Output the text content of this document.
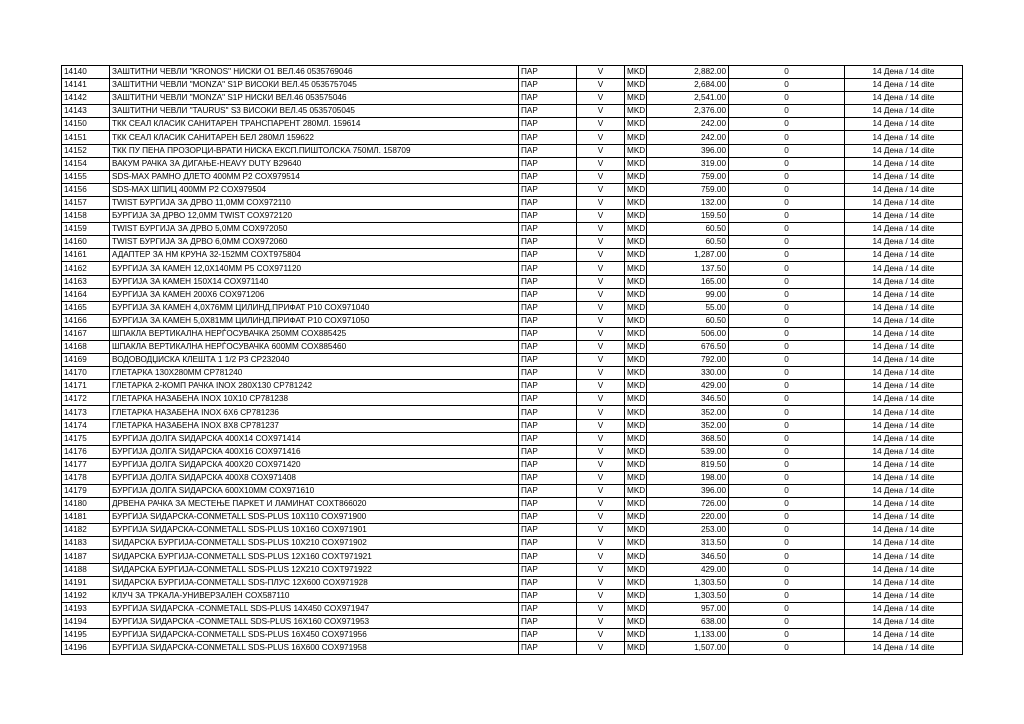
14140	ЗАШТИТНИ ЧЕВЛИ "KRONOS" НИСКИ О1 ВЕЛ.46 0535769046	ПАР	V	MKD	2,882.00	0	14 Дена / 14 dite
14141	ЗАШТИТНИ ЧЕВЛИ "MONZA" S1P ВИСОКИ ВЕЛ.45 0535757045	ПАР	V	MKD	2,684.00	0	14 Дена / 14 dite
14142	ЗАШТИТНИ ЧЕВЛИ "MONZA" S1P НИСКИ ВЕЛ.46 053575046	ПАР	V	MKD	2,541.00	0	14 Дена / 14 dite
14143	ЗАШТИТНИ ЧЕВЛИ "TAURUS" S3 ВИСОКИ ВЕЛ.45 0535705045	ПАР	V	MKD	2,376.00	0	14 Дена / 14 dite
14150	ТКК СЕАЛ КЛАСИК САНИТАРЕН ТРАНСПАРЕНТ 280МЛ. 159614	ПАР	V	MKD	242.00	0	14 Дена / 14 dite
14151	ТКК СЕАЛ КЛАСИК САНИТАРЕН БЕЛ 280МЛ 159622	ПАР	V	MKD	242.00	0	14 Дена / 14 dite
14152	ТКК ПУ ПЕНА ПРОЗОРЦИ-ВРАТИ НИСКА ЕКСП.ПИШТОЛСКА 750МЛ. 158709	ПАР	V	MKD	396.00	0	14 Дена / 14 dite
14154	ВАКУМ РАЧКА ЗА ДИГАЊЕ-HEAVY DUTY B29640	ПАР	V	MKD	319.00	0	14 Дена / 14 dite
14155	SDS-MAX РАМНО ДЛЕТО 400ММ Р2 COX979514	ПАР	V	MKD	759.00	0	14 Дена / 14 dite
14156	SDS-MAX ШПИЦ 400ММ Р2 COX979504	ПАР	V	MKD	759.00	0	14 Дена / 14 dite
14157	TWIST БУРГИЈА ЗА ДРВО 11,0ММ COX972110	ПАР	V	MKD	132.00	0	14 Дена / 14 dite
14158	БУРГИЈА ЗА ДРВО 12,0ММ TWIST COX972120	ПАР	V	MKD	159.50	0	14 Дена / 14 dite
14159	TWIST БУРГИЈА ЗА ДРВО 5,0ММ COX972050	ПАР	V	MKD	60.50	0	14 Дена / 14 dite
14160	TWIST БУРГИЈА ЗА ДРВО 6,0ММ COX972060	ПАР	V	MKD	60.50	0	14 Дена / 14 dite
14161	АДАПТЕР ЗА НМ КРУНА 32-152ММ COXT975804	ПАР	V	MKD	1,287.00	0	14 Дена / 14 dite
14162	БУРГИЈА ЗА КАМЕН 12,0Х140ММ Р5 COX971120	ПАР	V	MKD	137.50	0	14 Дена / 14 dite
14163	БУРГИЈА ЗА КАМЕН 150Х14 COX971140	ПАР	V	MKD	165.00	0	14 Дена / 14 dite
14164	БУРГИЈА ЗА КАМЕН 200Х6 COX971206	ПАР	V	MKD	99.00	0	14 Дена / 14 dite
14165	БУРГИЈА ЗА КАМЕН 4,0Х76ММ ЦИЛИНД.ПРИФАТ Р10 COX971040	ПАР	V	MKD	55.00	0	14 Дена / 14 dite
14166	БУРГИЈА ЗА КАМЕН 5,0Х81ММ ЦИЛИНД.ПРИФАТ Р10 COX971050	ПАР	V	MKD	60.50	0	14 Дена / 14 dite
14167	ШПАКЛА ВЕРТИКАЛНА НЕРЃОСУВАЧКА 250ММ COX885425	ПАР	V	MKD	506.00	0	14 Дена / 14 dite
14168	ШПАКЛА ВЕРТИКАЛНА НЕРЃОСУВАЧКА 600ММ COX885460	ПАР	V	MKD	676.50	0	14 Дена / 14 dite
14169	ВОДОВОДЏИСКА КЛЕШТА 1 1/2 Р3 CP232040	ПАР	V	MKD	792.00	0	14 Дена / 14 dite
14170	ГЛЕТАРКА 130Х280ММ CP781240	ПАР	V	MKD	330.00	0	14 Дена / 14 dite
14171	ГЛЕТАРКА 2-КОМП РАЧКА INOX 280X130 CP781242	ПАР	V	MKD	429.00	0	14 Дена / 14 dite
14172	ГЛЕТАРКА НАЗАБЕНА INOX 10X10 CP781238	ПАР	V	MKD	346.50	0	14 Дена / 14 dite
14173	ГЛЕТАРКА НАЗАБЕНА INOX 6X6 CP781236	ПАР	V	MKD	352.00	0	14 Дена / 14 dite
14174	ГЛЕТАРКА НАЗАБЕНА INOX 8X8 CP781237	ПАР	V	MKD	352.00	0	14 Дена / 14 dite
14175	БУРГИЈА ДОЛГА ЅИДАРСКА 400Х14 COX971414	ПАР	V	MKD	368.50	0	14 Дена / 14 dite
14176	БУРГИЈА ДОЛГА ЅИДАРСКА 400Х16 COX971416	ПАР	V	MKD	539.00	0	14 Дена / 14 dite
14177	БУРГИЈА ДОЛГА ЅИДАРСКА 400Х20 COX971420	ПАР	V	MKD	819.50	0	14 Дена / 14 dite
14178	БУРГИЈА ДОЛГА ЅИДАРСКА 400Х8 COX971408	ПАР	V	MKD	198.00	0	14 Дена / 14 dite
14179	БУРГИЈА ДОЛГА ЅИДАРСКА 600Х10ММ COX971610	ПАР	V	MKD	396.00	0	14 Дена / 14 dite
14180	ДРВЕНА РАЧКА ЗА МЕСТЕЊЕ ПАРКЕТ И ЛАМИНАТ COXT866020	ПАР	V	MKD	726.00	0	14 Дена / 14 dite
14181	БУРГИЈА ЅИДАРСКА-CONMETALL SDS-PLUS 10X110 COX971900	ПАР	V	MKD	220.00	0	14 Дена / 14 dite
14182	БУРГИЈА ЅИДАРСКА-CONMETALL SDS-PLUS 10X160 COX971901	ПАР	V	MKD	253.00	0	14 Дена / 14 dite
14183	ЅИДАРСКА БУРГИЈА-CONMETALL SDS-PLUS 10X210 COX971902	ПАР	V	MKD	313.50	0	14 Дена / 14 dite
14187	ЅИДАРСКА БУРГИЈА-CONMETALL SDS-PLUS 12X160 COXT971921	ПАР	V	MKD	346.50	0	14 Дена / 14 dite
14188	ЅИДАРСКА БУРГИЈА-CONMETALL SDS-PLUS 12X210 COXT971922	ПАР	V	MKD	429.00	0	14 Дена / 14 dite
14191	ЅИДАРСКА БУРГИЈА-CONMETALL SDS-ПЛУС 12Х600 COX971928	ПАР	V	MKD	1,303.50	0	14 Дена / 14 dite
14192	КЛУЧ ЗА ТРКАЛА-УНИВЕРЗАЛЕН COX587110	ПАР	V	MKD	1,303.50	0	14 Дена / 14 dite
14193	БУРГИЈА ЅИДАРСКА -CONMETALL SDS-PLUS 14X450 COX971947	ПАР	V	MKD	957.00	0	14 Дена / 14 dite
14194	БУРГИЈА ЅИДАРСКА -CONMETALL SDS-PLUS 16X160 COX971953	ПАР	V	MKD	638.00	0	14 Дена / 14 dite
14195	БУРГИЈА ЅИДАРСКА-CONMETALL SDS-PLUS 16X450 COX971956	ПАР	V	MKD	1,133.00	0	14 Дена / 14 dite
14196	БУРГИЈА ЅИДАРСКА-CONMETALL SDS-PLUS 16X600 COX971958	ПАР	V	MKD	1,507.00	0	14 Дена / 14 dite
